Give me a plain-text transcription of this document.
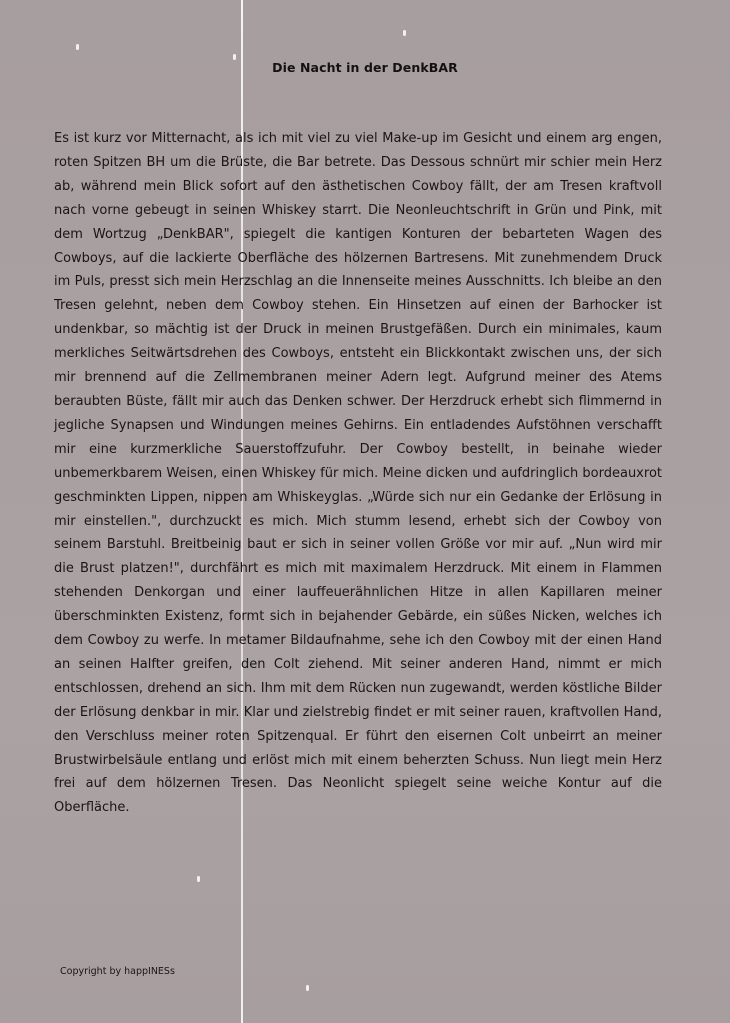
Die Nacht in der DenkBAR

Es ist kurz vor Mitternacht, als ich mit viel zu viel Make-up im Gesicht und einem arg engen, roten Spitzen BH um die Brüste, die Bar betrete. Das Dessous schnürt mir schier mein Herz ab, während mein Blick sofort auf den ästhetischen Cowboy fällt, der am Tresen kraftvoll nach vorne gebeugt in seinen Whiskey starrt. Die Neonleuchtschrift in Grün und Pink, mit dem Wortzug „DenkBAR", spiegelt die kantigen Konturen der bebarteten Wagen des Cowboys, auf die lackierte Oberfläche des hölzernen Bartresens. Mit zunehmendem Druck im Puls, presst sich mein Herzschlag an die Innenseite meines Ausschnitts. Ich bleibe an den Tresen gelehnt, neben dem Cowboy stehen. Ein Hinsetzen auf einen der Barhocker ist undenkbar, so mächtig ist der Druck in meinen Brustgefäßen. Durch ein minimales, kaum merkliches Seitwärtsdrehen des Cowboys, entsteht ein Blickkontakt zwischen uns, der sich mir brennend auf die Zellmembranen meiner Adern legt. Aufgrund meiner des Atems beraubten Büste, fällt mir auch das Denken schwer. Der Herzdruck erhebt sich flimmernd in jegliche Synapsen und Windungen meines Gehirns. Ein entladendes Aufstöhnen verschafft mir eine kurzmerkliche Sauerstoffzufuhr. Der Cowboy bestellt, in beinahe wieder unbemerkbarem Weisen, einen Whiskey für mich. Meine dicken und aufdringlich bordeauxrot geschminkten Lippen, nippen am Whiskeyglas. „Würde sich nur ein Gedanke der Erlösung in mir einstellen.", durchzuckt es mich. Mich stumm lesend, erhebt sich der Cowboy von seinem Barstuhl. Breitbeinig baut er sich in seiner vollen Größe vor mir auf. „Nun wird mir die Brust platzen!", durchfährt es mich mit maximalem Herzdruck. Mit einem in Flammen stehenden Denkorgan und einer lauffeuerähnlichen Hitze in allen Kapillaren meiner überschminkten Existenz, formt sich in bejahender Gebärde, ein süßes Nicken, welches ich dem Cowboy zu werfe. In metamer Bildaufnahme, sehe ich den Cowboy mit der einen Hand an seinen Halfter greifen, den Colt ziehend. Mit seiner anderen Hand, nimmt er mich entschlossen, drehend an sich. Ihm mit dem Rücken nun zugewandt, werden köstliche Bilder der Erlösung denkbar in mir. Klar und zielstrebig findet er mit seiner rauen, kraftvollen Hand, den Verschluss meiner roten Spitzenqual. Er führt den eisernen Colt unbeirrt an meiner Brustwirbelsäule entlang und erlöst mich mit einem beherzten Schuss. Nun liegt mein Herz frei auf dem hölzernen Tresen. Das Neonlicht spiegelt seine weiche Kontur auf die Oberfläche.

Copyright by happINESs
